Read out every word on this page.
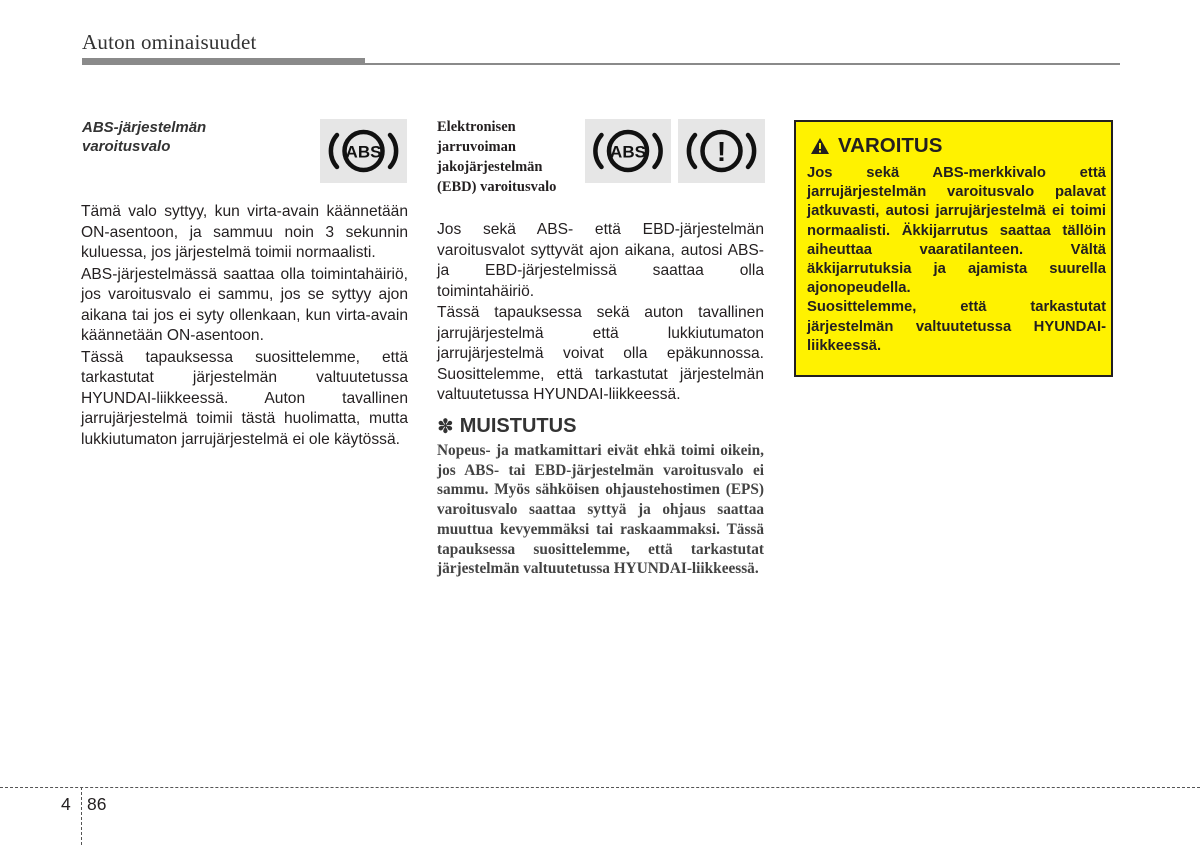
Auton ominaisuudet
ABS-järjestelmän varoitusvalo	ABS

Tämä valo syttyy, kun virta-avain käännetään ON-asentoon, ja sammuu noin 3 sekunnin kuluessa, jos järjestelmä toimii normaalisti.

ABS-järjestelmässä saattaa olla toimintahäiriö, jos varoitusvalo ei sammu, jos se syttyy ajon aikana tai jos ei syty ollenkaan, kun virta-avain käännetään ON-asentoon.

Tässä tapauksessa suosittelemme, että tarkastutat järjestelmän valtuutetussa HYUNDAI-liikkeessä. Auton tavallinen jarrujärjestelmä toimii tästä huolimatta, mutta lukkiutumaton jarrujärjestelmä ei ole käytössä.

Elektronisen jarruvoiman jakojärjestelmän (EBD) varoitusvalo
ABS	!

Jos sekä ABS- että EBD-järjestelmän varoitusvalot syttyvät ajon aikana, autosi ABS- ja EBD-järjestelmissä saattaa olla toimintahäiriö.

Tässä tapauksessa sekä auton tavallinen jarrujärjestelmä että lukkiutumaton jarrujärjestelmä voivat olla epäkunnossa. Suosittelemme, että tarkastutat järjestelmän valtuutetussa HYUNDAI-liikkeessä.

✽ MUISTUTUS
Nopeus- ja matkamittari eivät ehkä toimi oikein, jos ABS- tai EBD-järjestelmän varoitusvalo ei sammu. Myös sähköisen ohjaustehostimen (EPS) varoitusvalo saattaa syttyä ja ohjaus saattaa muuttua kevyemmäksi tai raskaammaksi. Tässä tapauksessa suosittelemme, että tarkastutat järjestelmän valtuutetussa HYUNDAI-liikkeessä.
VAROITUS

Jos sekä ABS-merkkivalo että jarrujärjestelmän varoitusvalo palavat jatkuvasti, autosi jarrujärjestelmä ei toimi normaalisti. Äkkijarrutus saattaa tällöin aiheuttaa vaaratilanteen. Vältä äkkijarrutuksia ja ajamista suurella ajonopeudella.

Suosittelemme, että tarkastutat järjestelmän valtuutetussa HYUNDAI-liikkeessä.

4 86
